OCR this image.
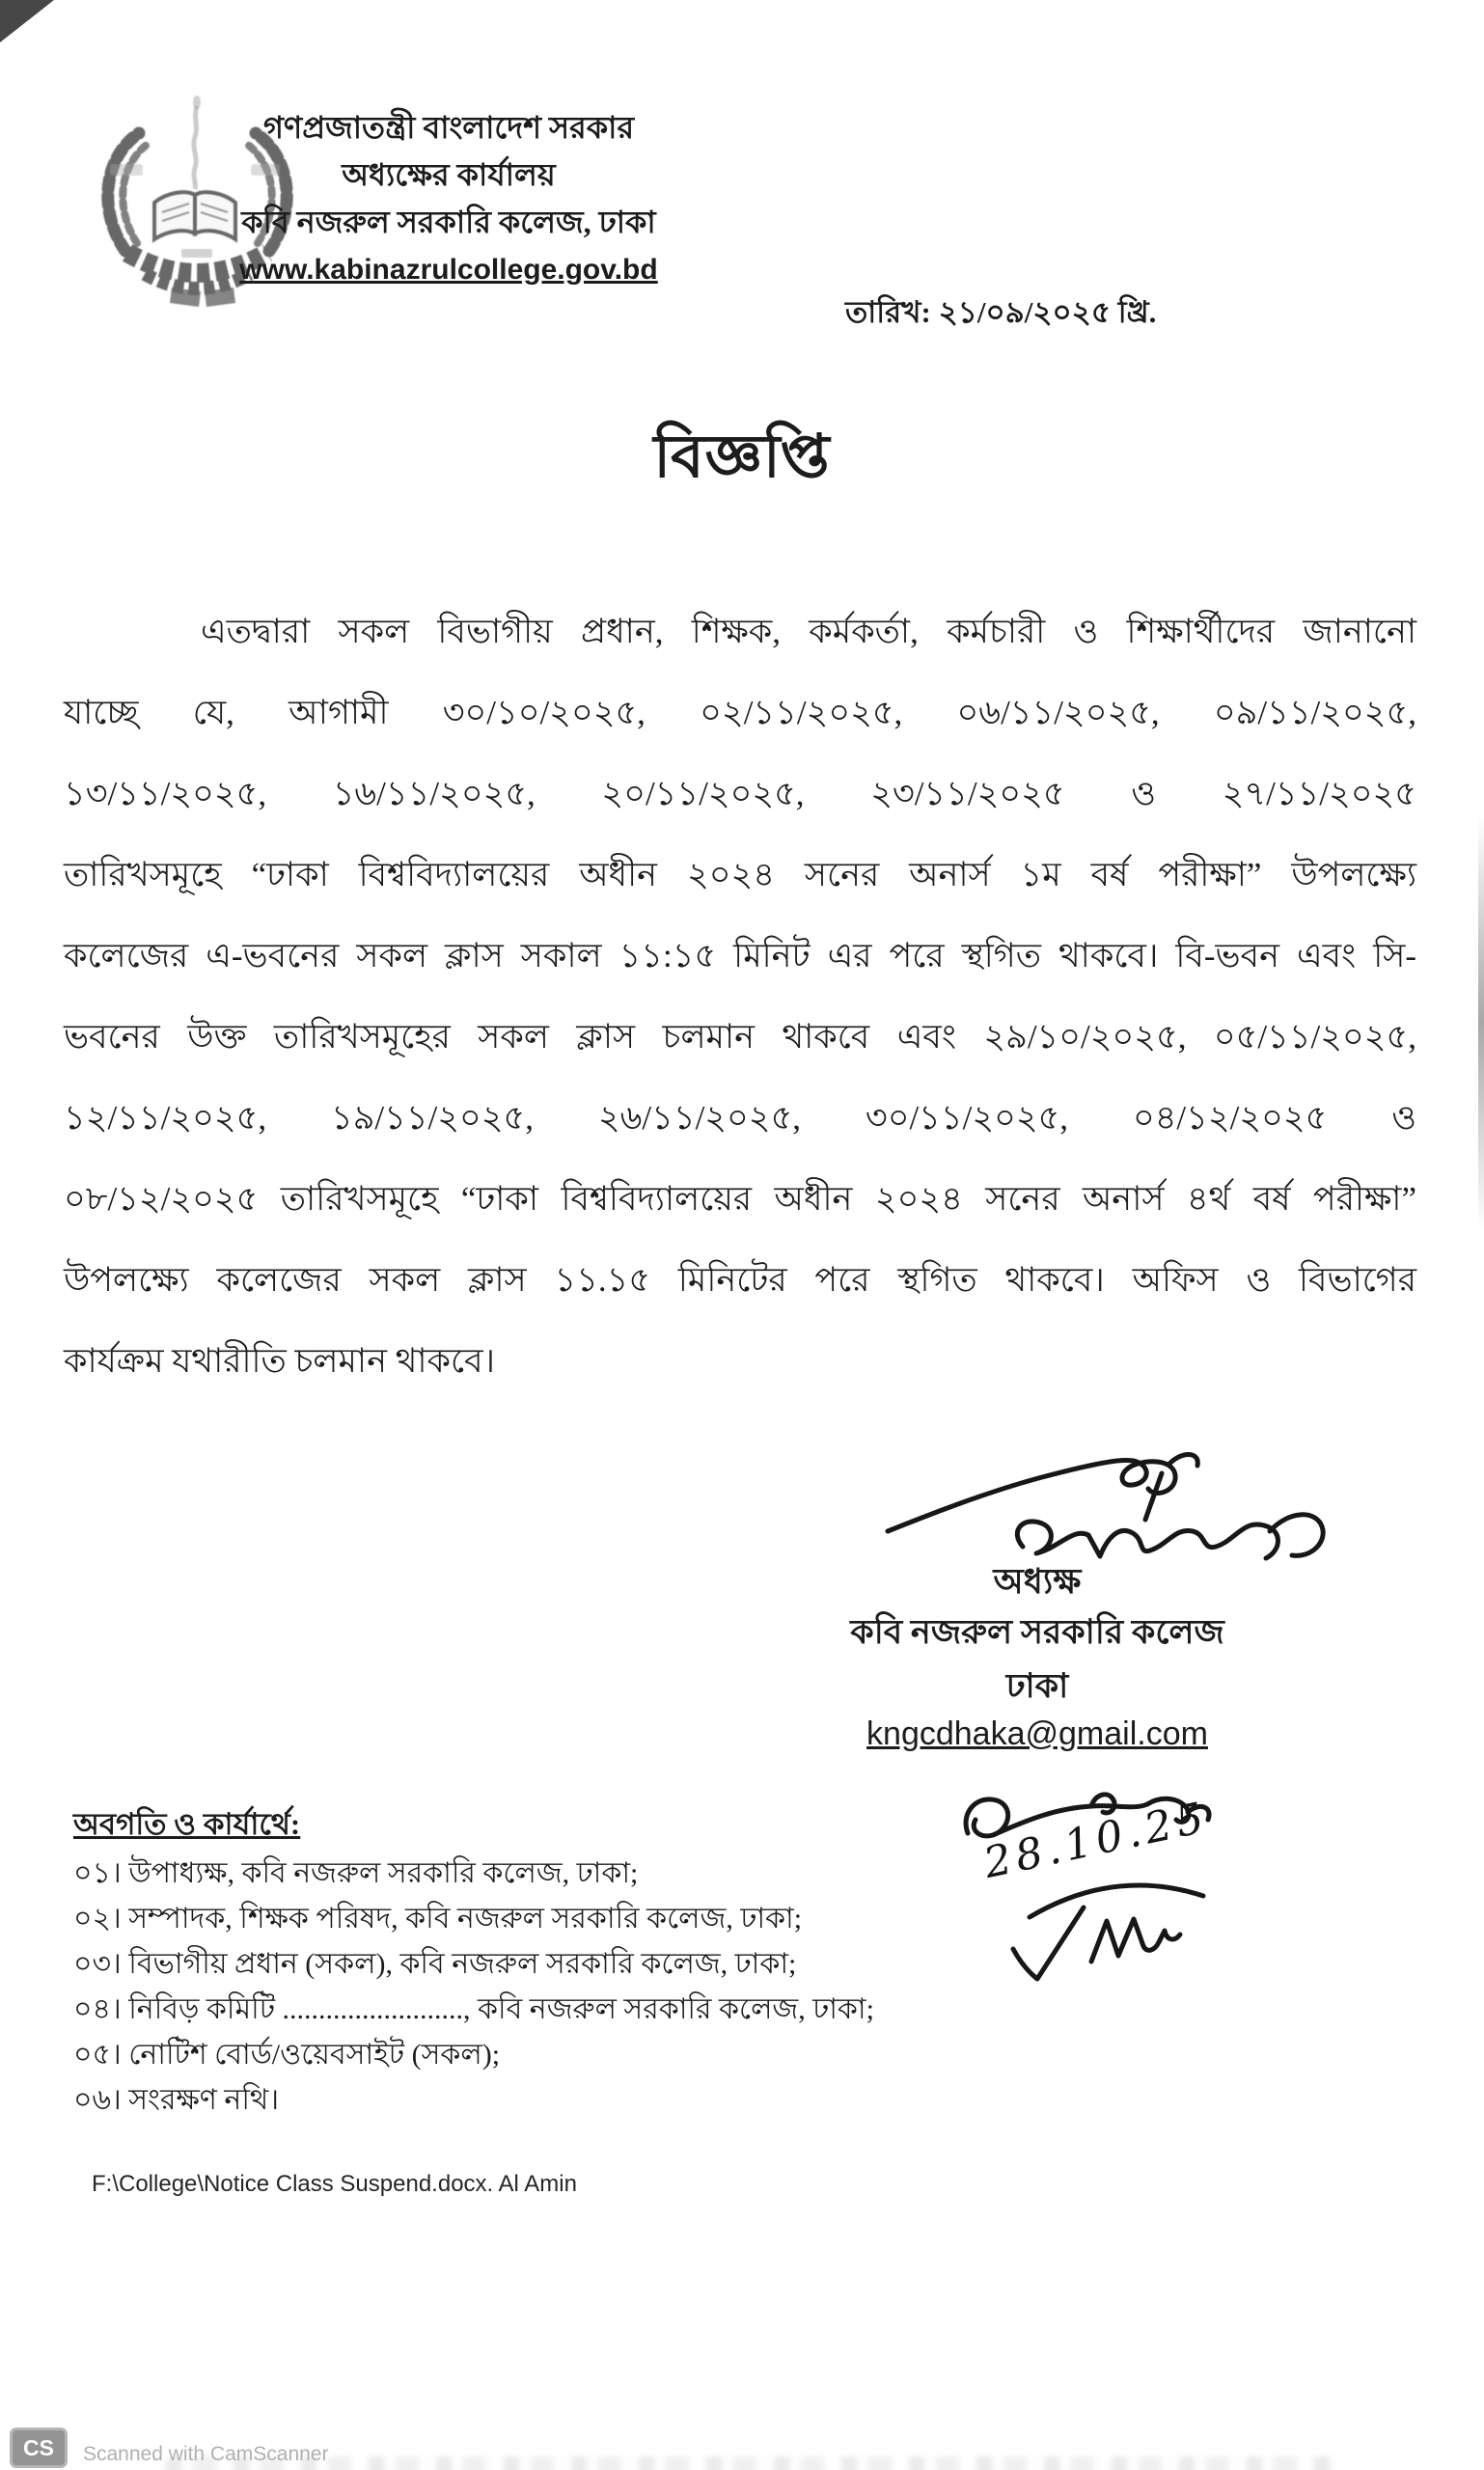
গণপ্রজাতন্ত্রী বাংলাদেশ সরকার
অধ্যক্ষের কার্যালয়
কবি নজরুল সরকারি কলেজ, ঢাকা
www.kabinazrulcollege.gov.bd
তারিখ: ২১/০৯/২০২৫ খ্রি.
বিজ্ঞপ্তি
এতদ্বারা সকল বিভাগীয় প্রধান, শিক্ষক, কর্মকর্তা, কর্মচারী ও শিক্ষার্থীদের জানানো
যাচ্ছে যে, আগামী ৩০/১০/২০২৫, ০২/১১/২০২৫, ০৬/১১/২০২৫, ০৯/১১/২০২৫,
১৩/১১/২০২৫, ১৬/১১/২০২৫, ২০/১১/২০২৫, ২৩/১১/২০২৫ ও ২৭/১১/২০২৫
তারিখসমূহে “ঢাকা বিশ্ববিদ্যালয়ের অধীন ২০২৪ সনের অনার্স ১ম বর্ষ পরীক্ষা” উপলক্ষ্যে
কলেজের এ-ভবনের সকল ক্লাস সকাল ১১:১৫ মিনিট এর পরে স্থগিত থাকবে। বি-ভবন এবং সি-
ভবনের উক্ত তারিখসমূহের সকল ক্লাস চলমান থাকবে এবং ২৯/১০/২০২৫, ০৫/১১/২০২৫,
১২/১১/২০২৫, ১৯/১১/২০২৫, ২৬/১১/২০২৫, ৩০/১১/২০২৫, ০৪/১২/২০২৫ ও
০৮/১২/২০২৫ তারিখসমূহে “ঢাকা বিশ্ববিদ্যালয়ের অধীন ২০২৪ সনের অনার্স ৪র্থ বর্ষ পরীক্ষা”
উপলক্ষ্যে কলেজের সকল ক্লাস ১১.১৫ মিনিটের পরে স্থগিত থাকবে। অফিস ও বিভাগের
কার্যক্রম যথারীতি চলমান থাকবে।
অধ্যক্ষ
কবি নজরুল সরকারি কলেজ
ঢাকা
kngcdhaka@gmail.com
28.10.25
অবগতি ও কার্যার্থে:
০১। উপাধ্যক্ষ, কবি নজরুল সরকারি কলেজ, ঢাকা;
০২। সম্পাদক, শিক্ষক পরিষদ, কবি নজরুল সরকারি কলেজ, ঢাকা;
০৩। বিভাগীয় প্রধান (সকল), কবি নজরুল সরকারি কলেজ, ঢাকা;
০৪। নিবিড় কমিটি ........................., কবি নজরুল সরকারি কলেজ, ঢাকা;
০৫। নোটিশ বোর্ড/ওয়েবসাইট (সকল);
০৬। সংরক্ষণ নথি।
F:\College\Notice Class Suspend.docx. Al Amin
CS	Scanned with CamScanner
